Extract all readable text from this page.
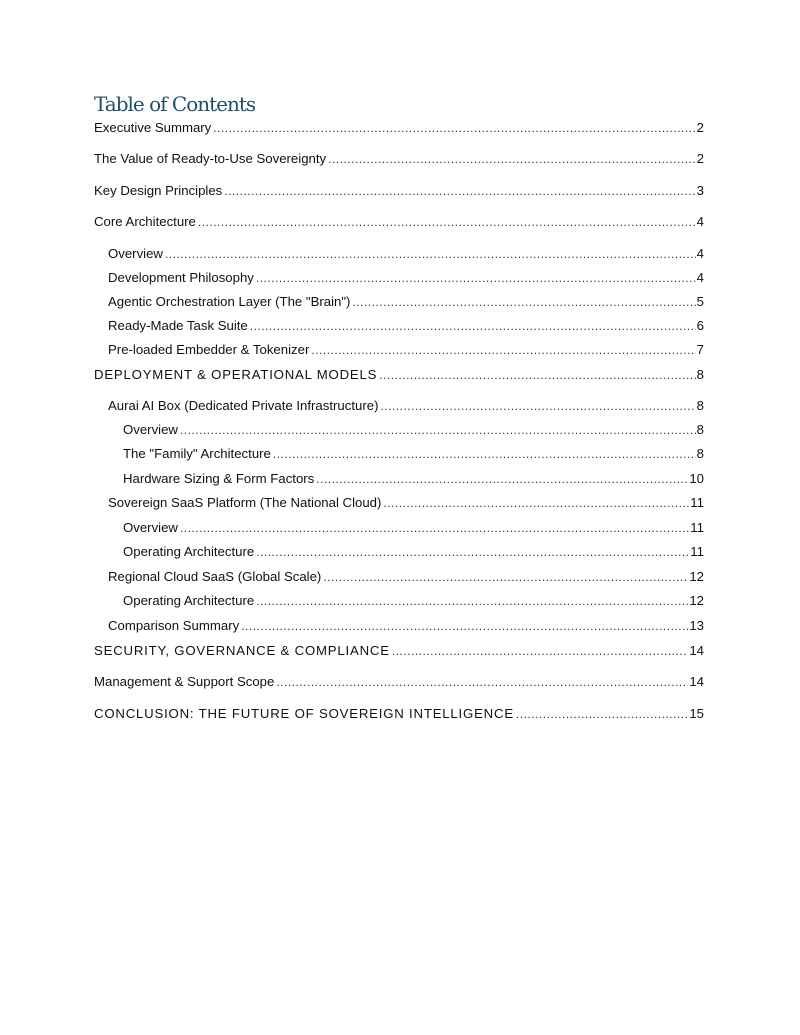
Table of Contents
Executive Summary .....	2
The Value of Ready-to-Use Sovereignty .....	2
Key Design Principles .....	3
Core Architecture .....	4
Overview .....	4
Development Philosophy .....	4
Agentic Orchestration Layer (The "Brain") .....	5
Ready-Made Task Suite .....	6
Pre-loaded Embedder & Tokenizer .....	7
DEPLOYMENT & OPERATIONAL MODELS .....	8
Aurai AI Box (Dedicated Private Infrastructure) .....	8
Overview .....	8
The "Family" Architecture .....	8
Hardware Sizing & Form Factors .....	10
Sovereign SaaS Platform (The National Cloud) .....	11
Overview .....	11
Operating Architecture .....	11
Regional Cloud SaaS (Global Scale) .....	12
Operating Architecture .....	12
Comparison Summary .....	13
SECURITY, GOVERNANCE & COMPLIANCE .....	14
Management & Support Scope .....	14
CONCLUSION: THE FUTURE OF SOVEREIGN INTELLIGENCE .....	15
